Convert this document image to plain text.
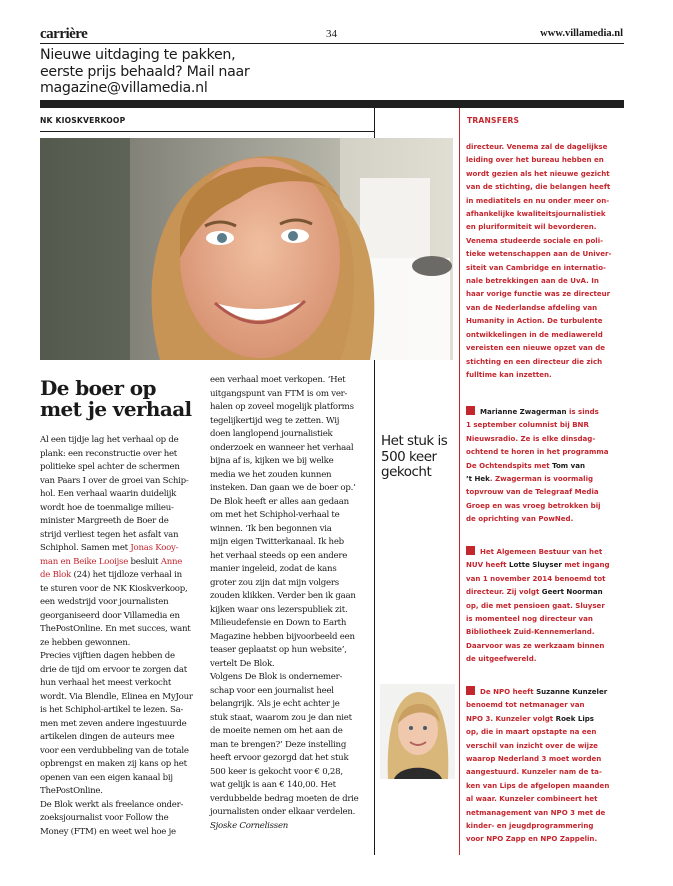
carrière	34	www.villamedia.nl
Nieuwe uitdaging te pakken,
eerste prijs behaald? Mail naar
magazine@villamedia.nl
NK KIOSKVERKOOP
De boer op
met je verhaal
Al een tijdje lag het verhaal op de
plank: een reconstructie over het
politieke spel achter de schermen
van Paars I over de groei van Schip-
hol. Een verhaal waarin duidelijk
wordt hoe de toenmalige milieu-
minister Margreeth de Boer de
strijd verliest tegen het asfalt van
Schiphol. Samen met Jonas Kooy-
man en Beike Looijse besluit Anne
de Blok (24) het tijdloze verhaal in
te sturen voor de NK Kioskverkoop,
een wedstrijd voor journalisten
georganiseerd door Villamedia en
ThePostOnline. En met succes, want
ze hebben gewonnen.
Precies vijftien dagen hebben de
drie de tijd om ervoor te zorgen dat
hun verhaal het meest verkocht
wordt. Via Blendle, Elinea en MyJour
is het Schiphol-artikel te lezen. Sa-
men met zeven andere ingestuurde
artikelen dingen de auteurs mee
voor een verdubbeling van de totale
opbrengst en maken zij kans op het
openen van een eigen kanaal bij
ThePostOnline.
De Blok werkt als freelance onder-
zoeksjournalist voor Follow the
Money (FTM) en weet wel hoe je
een verhaal moet verkopen. ‘Het
uitgangspunt van FTM is om ver-
halen op zoveel mogelijk platforms
tegelijkertijd weg te zetten. Wij
doen langlopend journalistiek
onderzoek en wanneer het verhaal
bijna af is, kijken we bij welke
media we het zouden kunnen
insteken. Dan gaan we de boer op.’
De Blok heeft er alles aan gedaan
om met het Schiphol-verhaal te
winnen. ‘Ik ben begonnen via
mijn eigen Twitterkanaal. Ik heb
het verhaal steeds op een andere
manier ingeleid, zodat de kans
groter zou zijn dat mijn volgers
zouden klikken. Verder ben ik gaan
kijken waar ons lezerspubliek zit.
Milieudefensie en Down to Earth
Magazine hebben bijvoorbeeld een
teaser geplaatst op hun website’,
vertelt De Blok.
Volgens De Blok is ondernemer-
schap voor een journalist heel
belangrijk. ‘Als je echt achter je
stuk staat, waarom zou je dan niet
de moeite nemen om het aan de
man te brengen?’ Deze instelling
heeft ervoor gezorgd dat het stuk
500 keer is gekocht voor € 0,28,
wat gelijk is aan € 140,00. Het
verdubbelde bedrag moeten de drie
journalisten onder elkaar verdelen.
Sjoske Cornelissen
Het stuk is
500 keer
gekocht
TRANSFERS
directeur. Venema zal de dagelijkse
leiding over het bureau hebben en
wordt gezien als het nieuwe gezicht
van de stichting, die belangen heeft
in mediatitels en nu onder meer on-
afhankelijke kwaliteitsjournalistiek
en pluriformiteit wil bevorderen.
Venema studeerde sociale en poli-
tieke wetenschappen aan de Univer-
siteit van Cambridge en internatio-
nale betrekkingen aan de UvA. In
haar vorige functie was ze directeur
van de Nederlandse afdeling van
Humanity in Action. De turbulente
ontwikkelingen in de mediawereld
vereisten een nieuwe opzet van de
stichting en een directeur die zich
fulltime kan inzetten.
Marianne Zwagerman is sinds
1 september columnist bij BNR
Nieuwsradio. Ze is elke dinsdag-
ochtend te horen in het programma
De Ochtendspits met Tom van
’t Hek. Zwagerman is voormalig
topvrouw van de Telegraaf Media
Groep en was vroeg betrokken bij
de oprichting van PowNed.
Het Algemeen Bestuur van het
NUV heeft Lotte Sluyser met ingang
van 1 november 2014 benoemd tot
directeur. Zij volgt Geert Noorman
op, die met pensioen gaat. Sluyser
is momenteel nog directeur van
Bibliotheek Zuid-Kennemerland.
Daarvoor was ze werkzaam binnen
de uitgeefwereld.
De NPO heeft Suzanne Kunzeler
benoemd tot netmanager van
NPO 3. Kunzeler volgt Roek Lips
op, die in maart opstapte na een
verschil van inzicht over de wijze
waarop Nederland 3 moet worden
aangestuurd. Kunzeler nam de ta-
ken van Lips de afgelopen maanden
al waar. Kunzeler combineert het
netmanagement van NPO 3 met de
kinder- en jeugdprogrammering
voor NPO Zapp en NPO Zappelin.
